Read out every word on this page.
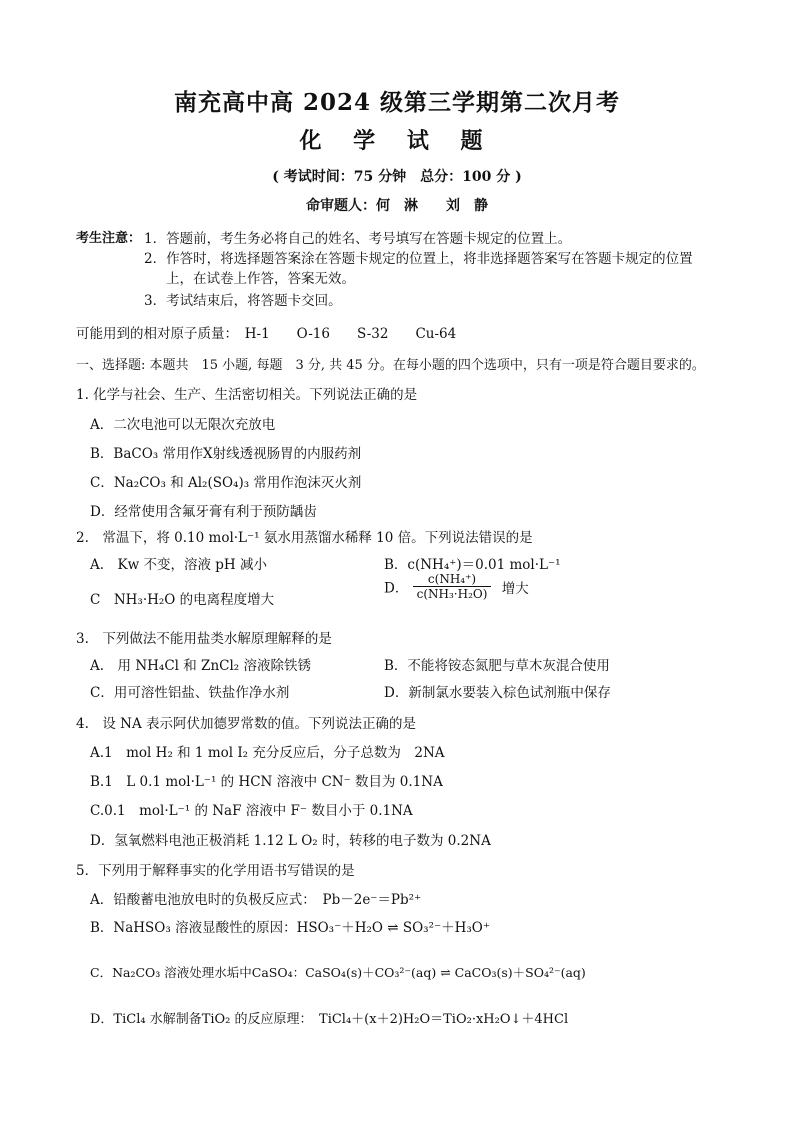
南充高中高 2024 级第三学期第二次月考
化 学 试 题
( 考试时间：75 分钟　总分：100 分 )
命审题人：何　淋　　刘　静
考生注意： 1．答题前，考生务必将自己的姓名、考号填写在答题卡规定的位置上。
2．作答时，将选择题答案涂在答题卡规定的位置上，将非选择题答案写在答题卡规定的位置
上，在试卷上作答，答案无效。
3．考试结束后，将答题卡交回。
可能用到的相对原子质量：　H-1　　O-16　　S-32　　Cu-64
一、选择题: 本题共　15 小题, 每题　3 分, 共 45 分。在每小题的四个选项中，只有一项是符合题目要求的。
1. 化学与社会、生产、生活密切相关。下列说法正确的是
A．二次电池可以无限次充放电
B．BaCO₃ 常用作X射线透视肠胃的内服药剂
C．Na₂CO₃ 和 Al₂(SO₄)₃ 常用作泡沫灭火剂
D．经常使用含氟牙膏有利于预防龋齿
2.　常温下，将 0.10 mol·L⁻¹ 氨水用蒸馏水稀释 10 倍。下列说法错误的是
A.　Kw 不变，溶液 pH 减小	B．c(NH₄⁺)＝0.01 mol·L⁻¹
C　NH₃·H₂O 的电离程度增大
D． $\frac{\text{c(NH₄⁺)}}{\text{c(NH₃·H₂O)}}$ 增大
3.　下列做法不能用盐类水解原理解释的是
A.　用 NH₄Cl 和 ZnCl₂ 溶液除铁锈	B．不能将铵态氮肥与草木灰混合使用
C．用可溶性铝盐、铁盐作净水剂	D．新制氯水要装入棕色试剂瓶中保存
4.　设 NA 表示阿伏加德罗常数的值。下列说法正确的是
A.1　mol H₂ 和 1 mol I₂ 充分反应后，分子总数为　2NA
B.1　L 0.1 mol·L⁻¹ 的 HCN 溶液中 CN⁻ 数目为 0.1NA
C.0.1　mol·L⁻¹ 的 NaF 溶液中 F⁻ 数目小于 0.1NA
D．氢氧燃料电池正极消耗 1.12 L O₂ 时，转移的电子数为 0.2NA
5．下列用于解释事实的化学用语书写错误的是
A．铅酸蓄电池放电时的负极反应式：　Pb－2e⁻＝Pb²⁺
B．NaHSO₃ 溶液显酸性的原因：HSO₃⁻＋H₂O ⇌ SO₃²⁻＋H₃O⁺
C．Na₂CO₃ 溶液处理水垢中CaSO₄：CaSO₄(s)＋CO₃²⁻(aq) ⇌ CaCO₃(s)＋SO₄²⁻(aq)
D．TiCl₄ 水解制备TiO₂ 的反应原理：　TiCl₄＋(x＋2)H₂O＝TiO₂·xH₂O↓＋4HCl
